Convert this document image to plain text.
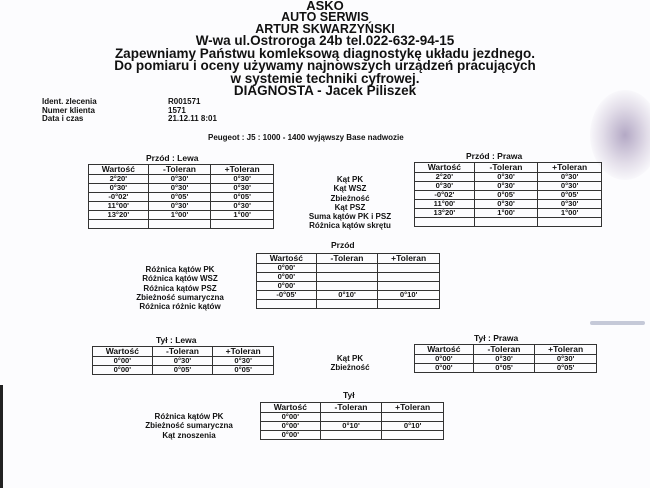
ASKO
AUTO SERWIS
ARTUR SKWARZYŃSKI
W-wa ul.Ostroroga 24b tel.022-632-94-15
Zapewniamy Państwu komleksową diagnostykę układu jezdnego.
Do pomiaru i oceny używamy najnowszych urządzeń pracujących
w systemie techniki cyfrowej.
DIAGNOSTA - Jacek Piliszek
Ident. zlecenia	R001571
Numer klienta	1571
Data i czas	21.12.11 8:01
Peugeot : J5 : 1000 - 1400 wyjąwszy Base nadwozie
Przód : Lewa
Wartość	-Toleran	+Toleran
2°20'	0°30'	0°30'
0°30'	0°30'	0°30'
-0°02'	0°05'	0°05'
11°00'	0°30'	0°30'
13°20'	1°00'	1°00'

Kąt PK
Kąt WSZ
Zbieżność
Kąt PSZ
Suma kątów PK i PSZ
Różnica kątów skrętu
Przód : Prawa
Wartość	-Toleran	+Toleran
2°20'	0°30'	0°30'
0°30'	0°30'	0°30'
-0°02'	0°05'	0°05'
11°00'	0°30'	0°30'
13°20'	1°00'	1°00'

Przód
Różnica kątów PK
Różnica kątów WSZ
Różnica kątów PSZ
Zbieżność sumaryczna
Różnica różnic kątów
Wartość	-Toleran	+Toleran
0°00'		
0°00'		
0°00'		
-0°05'	0°10'	0°10'

Tył : Lewa
Wartość	-Toleran	+Toleran
0°00'	0°30'	0°30'
0°00'	0°05'	0°05'
Kąt PK
Zbieżność
Tył : Prawa
Wartość	-Toleran	+Toleran
0°00'	0°30'	0°30'
0°00'	0°05'	0°05'
Tył
Różnica kątów PK
Zbieżność sumaryczna
Kąt znoszenia
Wartość	-Toleran	+Toleran
0°00'		
0°00'	0°10'	0°10'
0°00'		
